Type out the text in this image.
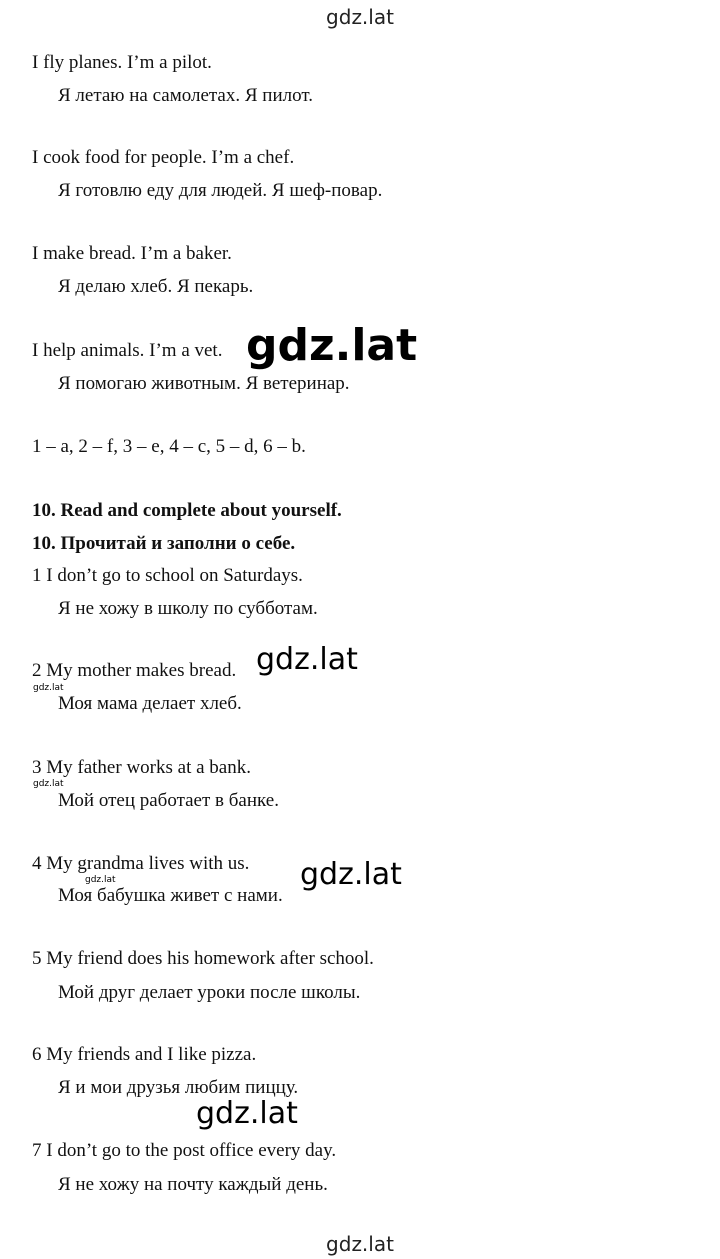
gdz.lat
I fly planes. I’m a pilot.
Я летаю на самолетах. Я пилот.
I cook food for people. I’m a chef.
Я готовлю еду для людей. Я шеф-повар.
I make bread. I’m a baker.
Я делаю хлеб. Я пекарь.
I help animals. I’m a vet.
Я помогаю животным. Я ветеринар.
1 – a, 2 – f, 3 – e, 4 – c, 5 – d, 6 – b.
10. Read and complete about yourself.
10. Прочитай и заполни о себе.
1 I don’t go to school on Saturdays.
Я не хожу в школу по субботам.
2 My mother makes bread.
Моя мама делает хлеб.
3 My father works at a bank.
Мой отец работает в банке.
4 My grandma lives with us.
Моя бабушка живет с нами.
5 My friend does his homework after school.
Мой друг делает уроки после школы.
6 My friends and I like pizza.
Я и мои друзья любим пиццу.
7 I don’t go to the post office every day.
Я не хожу на почту каждый день.
gdz.lat
gdz.lat
gdz.lat
gdz.lat
gdz.lat
gdz.lat
gdz.lat
gdz.lat
